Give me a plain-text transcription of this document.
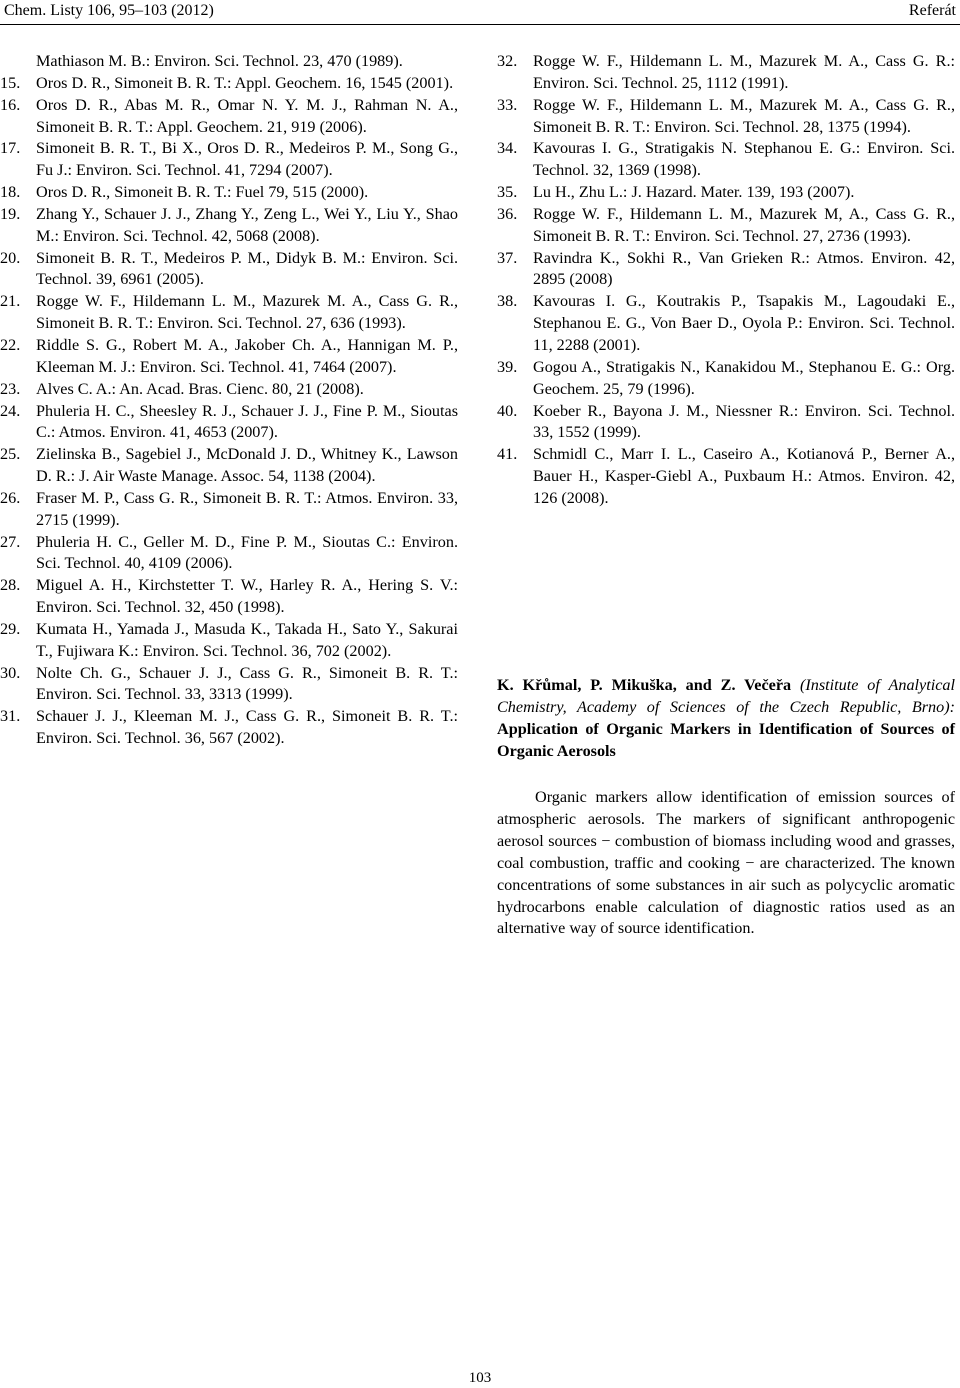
Chem. Listy 106, 95–103 (2012)	Referát
Mathiason M. B.: Environ. Sci. Technol. 23, 470 (1989).
15. Oros D. R., Simoneit B. R. T.: Appl. Geochem. 16, 1545 (2001).
16. Oros D. R., Abas M. R., Omar N. Y. M. J., Rahman N. A., Simoneit B. R. T.: Appl. Geochem. 21, 919 (2006).
17. Simoneit B. R. T., Bi X., Oros D. R., Medeiros P. M., Song G., Fu J.: Environ. Sci. Technol. 41, 7294 (2007).
18. Oros D. R., Simoneit B. R. T.: Fuel 79, 515 (2000).
19. Zhang Y., Schauer J. J., Zhang Y., Zeng L., Wei Y., Liu Y., Shao M.: Environ. Sci. Technol. 42, 5068 (2008).
20. Simoneit B. R. T., Medeiros P. M., Didyk B. M.: Environ. Sci. Technol. 39, 6961 (2005).
21. Rogge W. F., Hildemann L. M., Mazurek M. A., Cass G. R., Simoneit B. R. T.: Environ. Sci. Technol. 27, 636 (1993).
22. Riddle S. G., Robert M. A., Jakober Ch. A., Hannigan M. P., Kleeman M. J.: Environ. Sci. Technol. 41, 7464 (2007).
23. Alves C. A.: An. Acad. Bras. Cienc. 80, 21 (2008).
24. Phuleria H. C., Sheesley R. J., Schauer J. J., Fine P. M., Sioutas C.: Atmos. Environ. 41, 4653 (2007).
25. Zielinska B., Sagebiel J., McDonald J. D., Whitney K., Lawson D. R.: J. Air Waste Manage. Assoc. 54, 1138 (2004).
26. Fraser M. P., Cass G. R., Simoneit B. R. T.: Atmos. Environ. 33, 2715 (1999).
27. Phuleria H. C., Geller M. D., Fine P. M., Sioutas C.: Environ. Sci. Technol. 40, 4109 (2006).
28. Miguel A. H., Kirchstetter T. W., Harley R. A., Hering S. V.: Environ. Sci. Technol. 32, 450 (1998).
29. Kumata H., Yamada J., Masuda K., Takada H., Sato Y., Sakurai T., Fujiwara K.: Environ. Sci. Technol. 36, 702 (2002).
30. Nolte Ch. G., Schauer J. J., Cass G. R., Simoneit B. R. T.: Environ. Sci. Technol. 33, 3313 (1999).
31. Schauer J. J., Kleeman M. J., Cass G. R., Simoneit B. R. T.: Environ. Sci. Technol. 36, 567 (2002).
32. Rogge W. F., Hildemann L. M., Mazurek M. A., Cass G. R.: Environ. Sci. Technol. 25, 1112 (1991).
33. Rogge W. F., Hildemann L. M., Mazurek M. A., Cass G. R., Simoneit B. R. T.: Environ. Sci. Technol. 28, 1375 (1994).
34. Kavouras I. G., Stratigakis N. Stephanou E. G.: Environ. Sci. Technol. 32, 1369 (1998).
35. Lu H., Zhu L.: J. Hazard. Mater. 139, 193 (2007).
36. Rogge W. F., Hildemann L. M., Mazurek M, A., Cass G. R., Simoneit B. R. T.: Environ. Sci. Technol. 27, 2736 (1993).
37. Ravindra K., Sokhi R., Van Grieken R.: Atmos. Environ. 42, 2895 (2008)
38. Kavouras I. G., Koutrakis P., Tsapakis M., Lagoudaki E., Stephanou E. G., Von Baer D., Oyola P.: Environ. Sci. Technol. 11, 2288 (2001).
39. Gogou A., Stratigakis N., Kanakidou M., Stephanou E. G.: Org. Geochem. 25, 79 (1996).
40. Koeber R., Bayona J. M., Niessner R.: Environ. Sci. Technol. 33, 1552 (1999).
41. Schmidl C., Marr I. L., Caseiro A., Kotianová P., Berner A., Bauer H., Kasper-Giebl A., Puxbaum H.: Atmos. Environ. 42, 126 (2008).
K. Křůmal, P. Mikuška, and Z. Večeřa (Institute of Analytical Chemistry, Academy of Sciences of the Czech Republic, Brno): Application of Organic Markers in Identification of Sources of Organic Aerosols
Organic markers allow identification of emission sources of atmospheric aerosols. The markers of significant anthropogenic aerosol sources − combustion of biomass including wood and grasses, coal combustion, traffic and cooking − are characterized. The known concentrations of some substances in air such as polycyclic aromatic hydrocarbons enable calculation of diagnostic ratios used as an alternative way of source identification.
103
